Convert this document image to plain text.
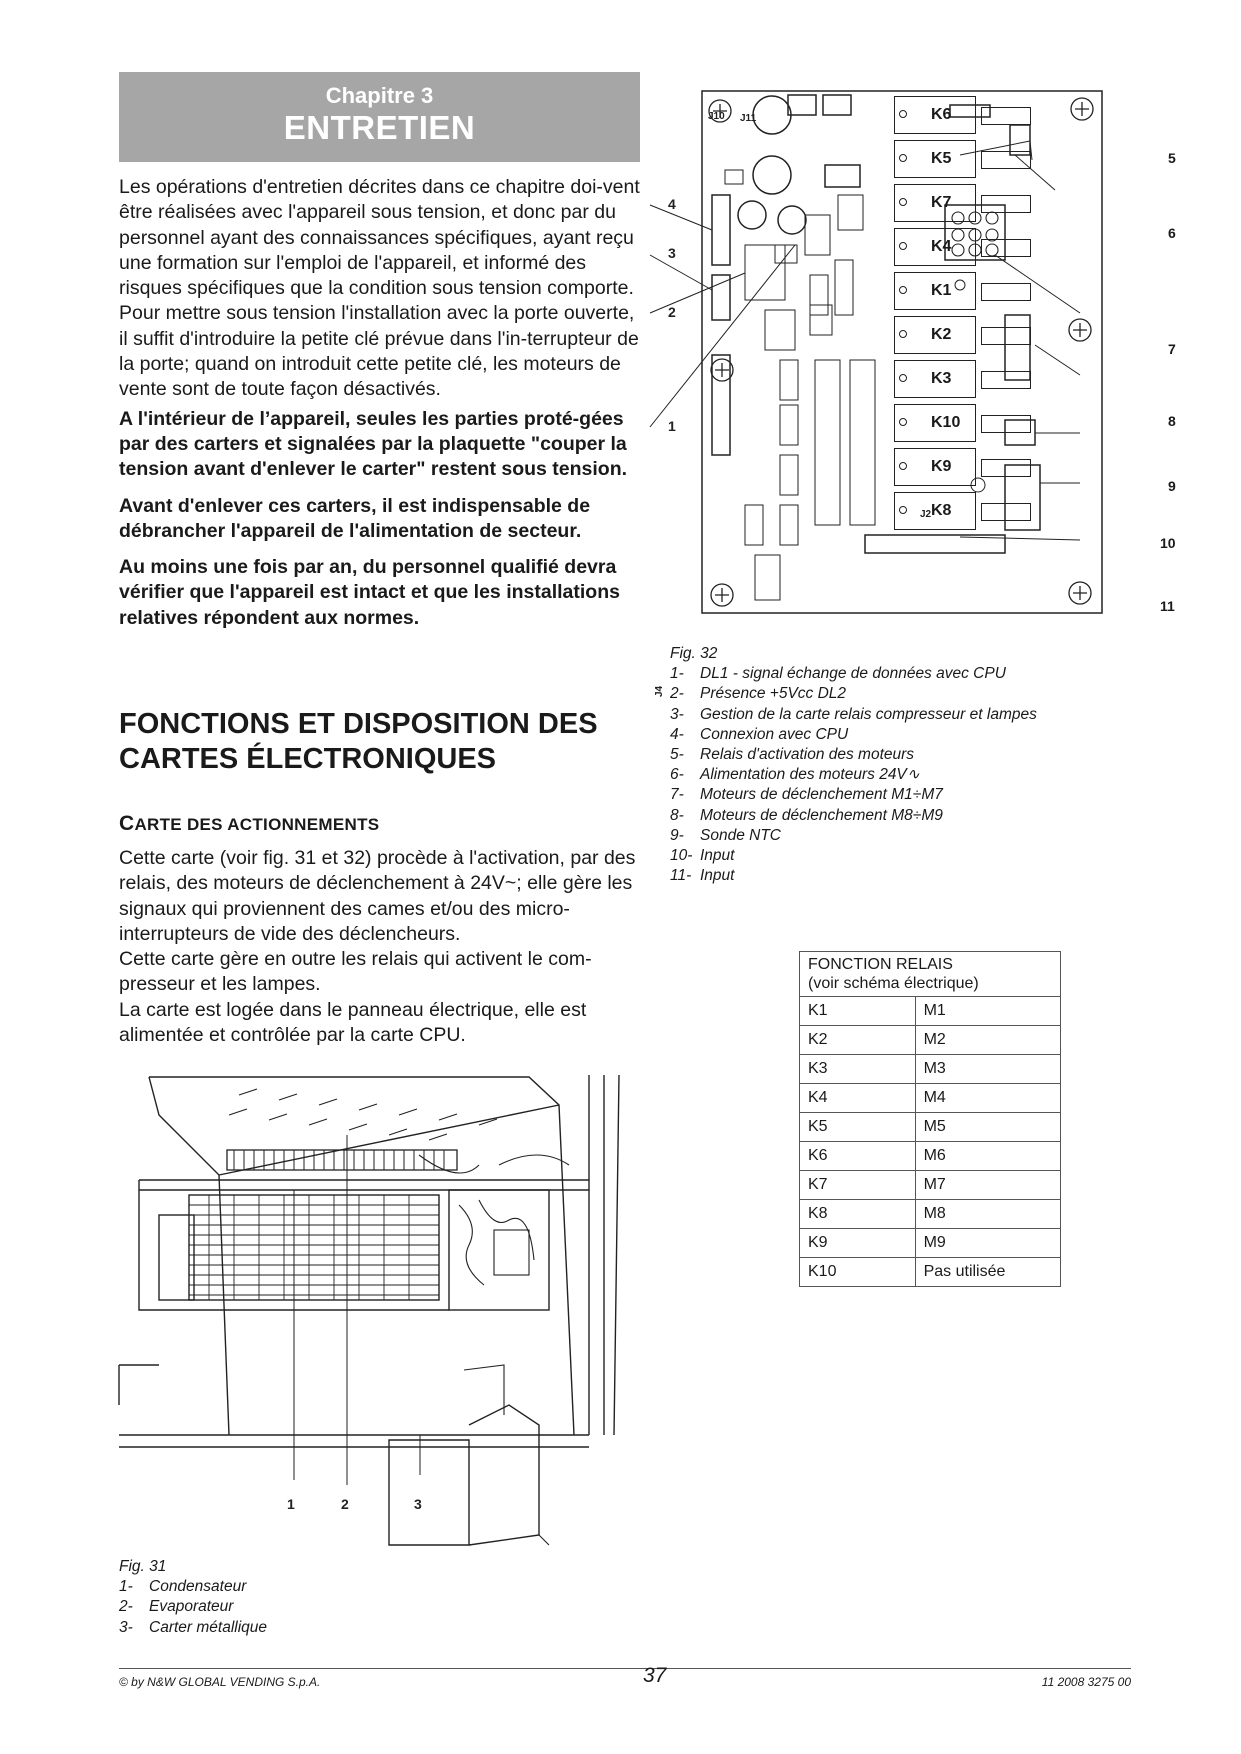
Chapitre 3
ENTRETIEN

Les opérations d'entretien décrites dans ce chapitre doi-vent être réalisées avec l'appareil sous tension, et donc par du personnel ayant des connaissances spécifiques, ayant reçu une formation sur l'emploi de l'appareil, et informé des risques spécifiques que la condition sous tension comporte.

Pour mettre sous tension l'installation avec la porte ouverte, il suffit d'introduire la petite clé prévue dans l'in-terrupteur de la porte; quand on introduit cette petite clé, les moteurs de vente sont de toute façon désactivés.

A l'intérieur de l’appareil, seules les parties proté-gées par des carters et signalées par la plaquette "couper la tension avant d'enlever le carter" restent sous tension.

Avant d'enlever ces carters, il est indispensable de débrancher l'appareil de l'alimentation de secteur.

Au moins une fois par an, du personnel qualifié devra vérifier que l'appareil est intact et que les installations relatives répondent aux normes.

FONCTIONS ET DISPOSITION DES
CARTES ÉLECTRONIQUES
CARTE DES ACTIONNEMENTS

Cette carte (voir fig. 31 et 32) procède à l'activation, par des relais, des moteurs de déclenchement à 24V~; elle gère les signaux qui proviennent des cames et/ou des micro-interrupteurs de vide des déclencheurs.

Cette carte gère en outre les relais qui activent le com-presseur et les lampes.

La carte est logée dans le panneau électrique, elle est alimentée et contrôlée par la carte CPU.

1	2	3
Fig. 31
1-	Condensateur
2-	Evaporateur
3-	Carter métallique
J10 J11
J4
J2
4
3
2
1
K6
K5
K7
K4
K1
K2
K3
K10
K9
K8
5
6
7
8
9
10
11
Fig. 32
1-	DL1 - signal échange de données avec CPU
2-	Présence +5Vcc DL2
3-	Gestion de la carte relais compresseur et lampes
4-	Connexion avec CPU
5-	Relais d'activation des moteurs
6-	Alimentation des moteurs 24V∿
7-	Moteurs de déclenchement M1÷M7
8-	Moteurs de déclenchement M8÷M9
9-	Sonde NTC
10- Input
11- Input
FONCTION RELAIS
(voir schéma électrique)	

K1	M1
K2	M2
K3	M3
K4	M4
K5	M5
K6	M6
K7	M7
K8	M8
K9	M9
K10	Pas utilisée
© by N&W GLOBAL VENDING S.p.A.	37	11 2008 3275 00
